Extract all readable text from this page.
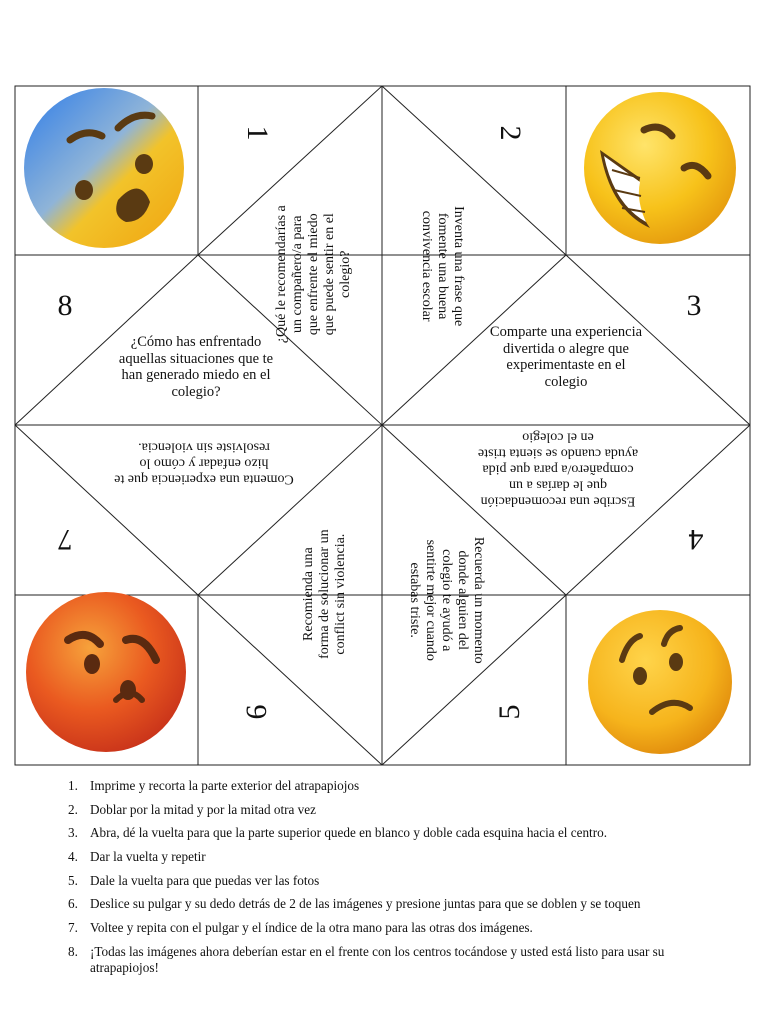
1	2
3
4
5
6
7
8	¿Qué le recomendarías a un compañero/a para que enfrente el miedo que puede sentir en el colegio?	Inventa una frase que fomente una buena convivencia escolar
Comparte una experiencia divertida o alegre que experimentaste en el colegio
Escribe una recomendación que le darías a un compañero/a para que pida ayuda cuando se sienta triste en el colegio
Recuerda un momento donde alguien del colegio te ayudó a sentirte mejor cuando estabas triste.
Recomienda una forma de solucionar un conflict sin violencia.
Comenta una experiencia que te hizo enfadar y cómo lo resolviste sin violencia.
¿Cómo has enfrentado aquellas situaciones que te han generado miedo en el colegio?
1. Imprime y recorta la parte exterior del atrapapiojos
2. Doblar por la mitad y por la mitad otra vez
3. Abra, dé la vuelta para que la parte superior quede en blanco y doble cada esquina hacia el centro.
4. Dar la vuelta y repetir
5. Dale la vuelta para que puedas ver las fotos
6. Deslice su pulgar y su dedo detrás de 2 de las imágenes y presione juntas para que se doblen y se toquen
7. Voltee y repita con el pulgar y el índice de la otra mano para las otras dos imágenes.
8. ¡Todas las imágenes ahora deberían estar en el frente con los centros tocándose y usted está listo para usar su atrapapiojos!
